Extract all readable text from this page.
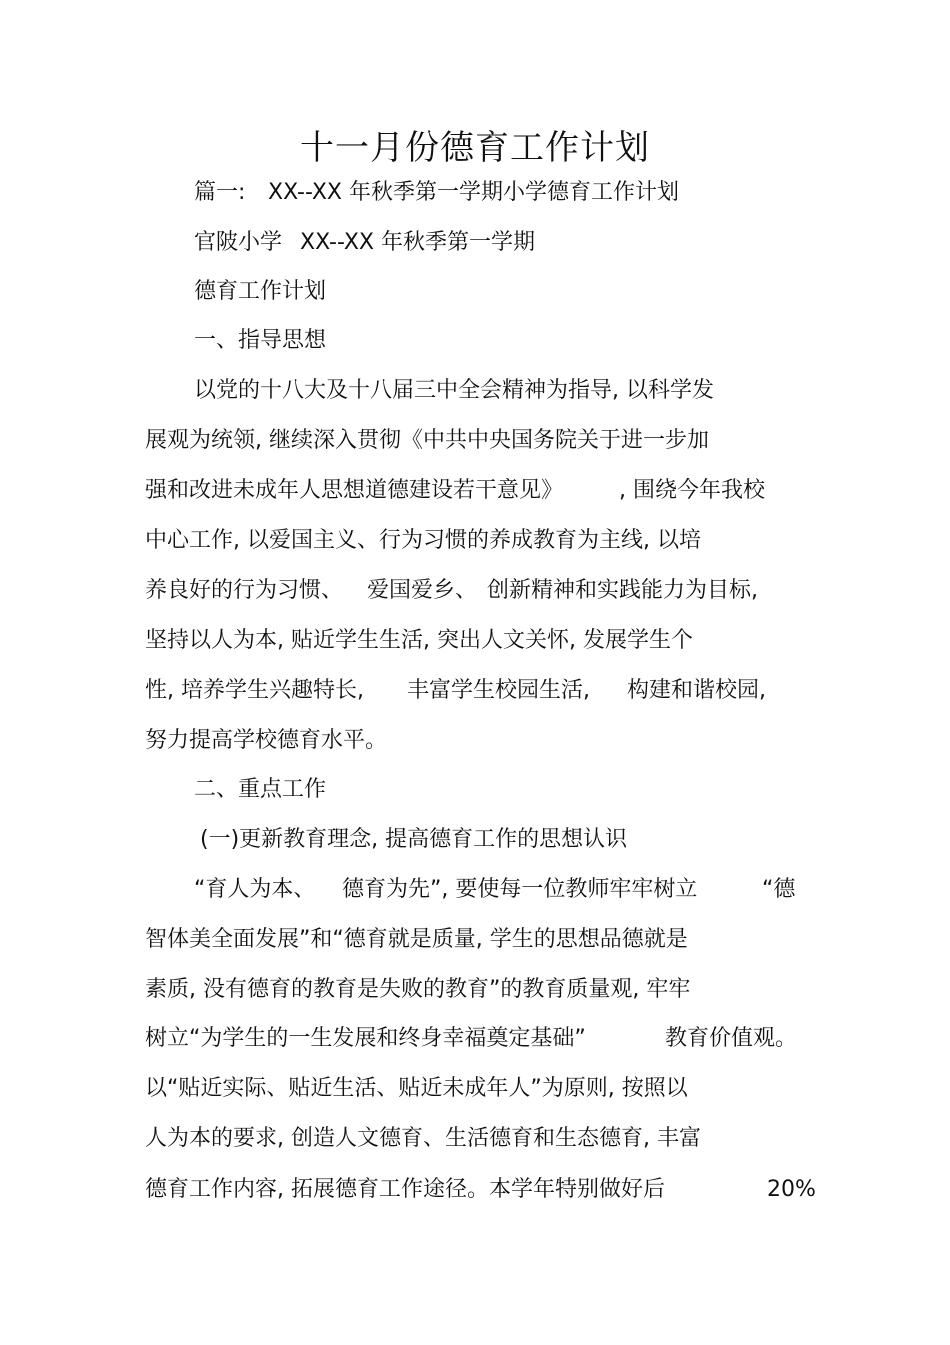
十一月份德育工作计划
篇一: XX--XX 年秋季第一学期小学德育工作计划
官陂小学 XX--XX 年秋季第一学期
德育工作计划
一、指导思想
以党的十八大及十八届三中全会精神为指导, 以科学发
展观为统领, 继续深入贯彻《中共中央国务院关于进一步加
强和改进未成年人思想道德建设若干意见》	, 围绕今年我校
中心工作, 以爱国主义、行为习惯的养成教育为主线, 以培
养良好的行为习惯、 爱国爱乡、 创新精神和实践能力为目标,
坚持以人为本, 贴近学生生活, 突出人文关怀, 发展学生个
性, 培养学生兴趣特长, 丰富学生校园生活, 构建和谐校园,
努力提高学校德育水平。
二、重点工作
(一)更新教育理念, 提高德育工作的思想认识
“育人为本、 德育为先”, 要使每一位教师牢牢树立	“德
智体美全面发展”和“德育就是质量, 学生的思想品德就是
素质, 没有德育的教育是失败的教育”的教育质量观, 牢牢
树立“为学生的一生发展和终身幸福奠定基础”	教育价值观。
以“贴近实际、贴近生活、贴近未成年人”为原则, 按照以
人为本的要求, 创造人文德育、生活德育和生态德育, 丰富
德育工作内容, 拓展德育工作途径。本学年特别做好后	20%
